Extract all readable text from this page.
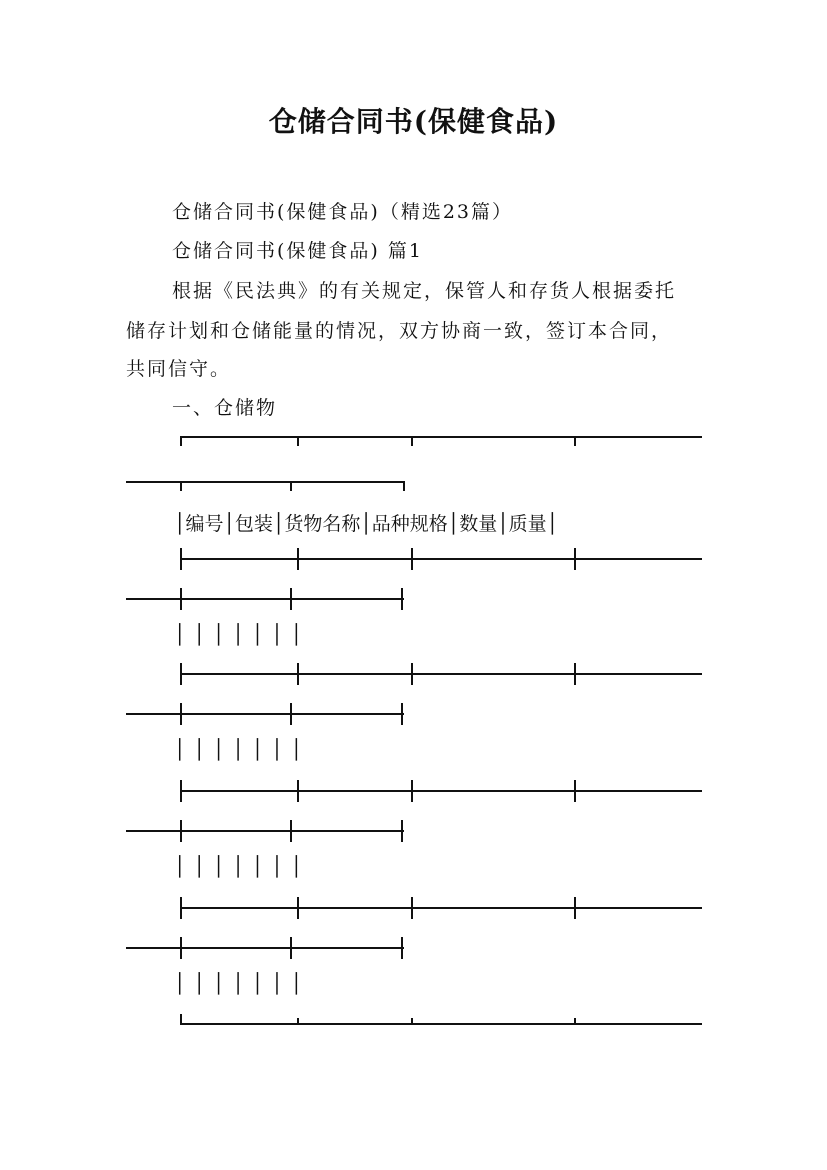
仓储合同书(保健食品)
仓储合同书(保健食品)（精选23篇）
仓储合同书(保健食品) 篇1
根据《民法典》的有关规定，保管人和存货人根据委托
储存计划和仓储能量的情况，双方协商一致，签订本合同，
共同信守。
一、仓储物
│编号│包装│货物名称│品种规格│数量│质量│
│││││││
│││││││
│││││││
│││││││
